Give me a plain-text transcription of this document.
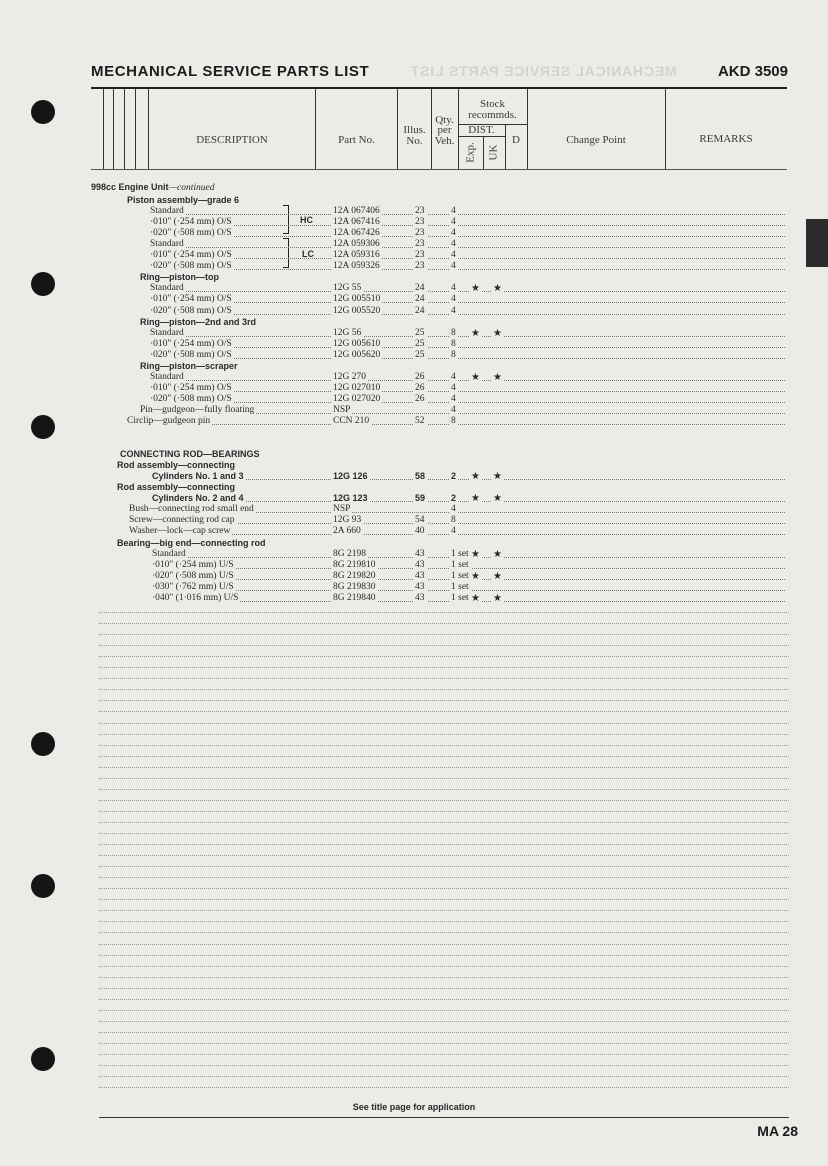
MECHANICAL SERVICE PARTS LIST	MECHANICAL SERVICE PARTS LIST	AKD 3509
DESCRIPTION	Part No.
Illus.
No.
Qty.
per
Veh.
Stock
recommds.
DIST.
Exp. UK
D	Change Point	REMARKS
998cc Engine Unit—continued
HC
LC
Piston assembly—grade 6
Standard	12A 067406	23	4
·010" (·254 mm) O/S	12A 067416	23	4
·020" (·508 mm) O/S	12A 067426	23	4
Standard	12A 059306	23	4
·010" (·254 mm) O/S	12A 059316	23	4
·020" (·508 mm) O/S	12A 059326	23	4
Ring—piston—top
Standard	12G 55	24	4 ★ ★
·010" (·254 mm) O/S	12G 005510	24	4
·020" (·508 mm) O/S	12G 005520	24	4
Ring—piston—2nd and 3rd
Standard	12G 56	25	8 ★ ★
·010" (·254 mm) O/S	12G 005610	25	8
·020" (·508 mm) O/S	12G 005620	25	8
Ring—piston—scraper
Standard	12G 270	26	4 ★ ★
·010" (·254 mm) O/S	12G 027010	26	4
·020" (·508 mm) O/S	12G 027020	26	4
Pin—gudgeon—fully floating	NSP	4
Circlip—gudgeon pin	CCN 210	52	8
CONNECTING ROD—BEARINGS
Rod assembly—connecting
Cylinders No. 1 and 3	12G 126	58	2 ★ ★
Rod assembly—connecting
Cylinders No. 2 and 4	12G 123	59	2 ★ ★
Bush—connecting rod small end	NSP	4
Screw—connecting rod cap	12G 93	54	8
Washer—lock—cap screw	2A 660	40	4
Bearing—big end—connecting rod
Standard	8G 2198	43	1 set ★ ★
·010" (·254 mm) U/S	8G 219810	43	1 set
·020" (·508 mm) U/S	8G 219820	43	1 set ★ ★
·030" (·762 mm) U/S	8G 219830	43	1 set
·040" (1·016 mm) U/S	8G 219840	43	1 set ★ ★
See title page for application
MA 28
